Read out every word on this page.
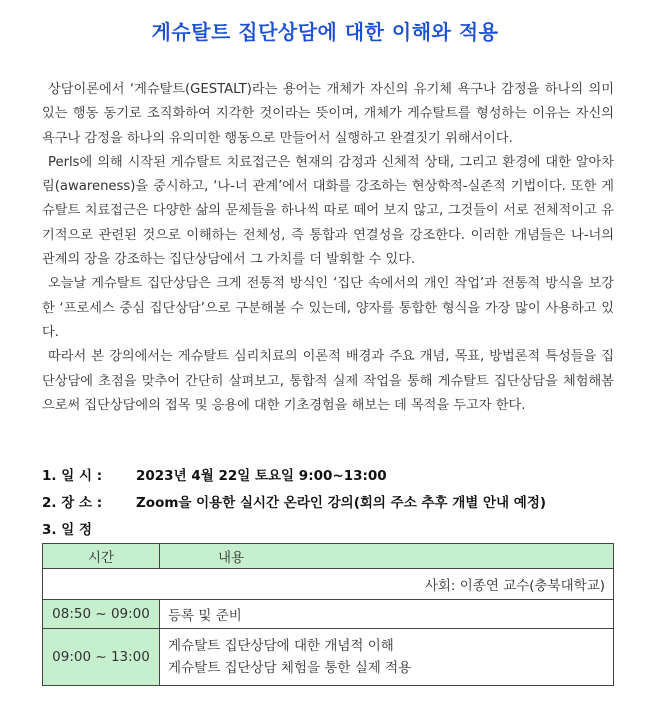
게슈탈트 집단상담에 대한 이해와 적용

상담이론에서 ‘게슈탈트(GESTALT)라는 용어는 개체가 자신의 유기체 욕구나 감정을 하나의 의미 있는 행동 동기로 조직화하여 지각한 것이라는 뜻이며, 개체가 게슈탈트를 형성하는 이유는 자신의 욕구나 감정을 하나의 유의미한 행동으로 만들어서 실행하고 완결짓기 위해서이다.

Perls에 의해 시작된 게슈탈트 치료접근은 현재의 감정과 신체적 상태, 그리고 환경에 대한 알아차림(awareness)을 중시하고, ‘나-너 관계’에서 대화를 강조하는 현상학적-실존적 기법이다. 또한 게슈탈트 치료접근은 다양한 삶의 문제들을 하나씩 따로 떼어 보지 않고, 그것들이 서로 전체적이고 유기적으로 관련된 것으로 이해하는 전체성, 즉 통합과 연결성을 강조한다. 이러한 개념들은 나-너의 관계의 장을 강조하는 집단상담에서 그 가치를 더 발휘할 수 있다.

오늘날 게슈탈트 집단상담은 크게 전통적 방식인 ‘집단 속에서의 개인 작업’과 전통적 방식을 보강한 ‘프로세스 중심 집단상담’으로 구분해볼 수 있는데, 양자를 통합한 형식을 가장 많이 사용하고 있다.

따라서 본 강의에서는 게슈탈트 심리치료의 이론적 배경과 주요 개념, 목표, 방법론적 특성들을 집단상담에 초점을 맞추어 간단히 살펴보고, 통합적 실제 작업을 통해 게슈탈트 집단상담을 체험해봄으로써 집단상담에의 접목 및 응용에 대한 기초경험을 해보는 데 목적을 두고자 한다.

1. 일 시 :	2023년 4월 22일 토요일 9:00~13:00
2. 장 소 :	Zoom을 이용한 실시간 온라인 강의(회의 주소 추후 개별 안내 예정)
3. 일 정
시간	내용
사회: 이종연 교수(충북대학교)	
08:50 ~ 09:00	등록 및 준비
09:00 ~ 13:00	게슈탈트 집단상담에 대한 개념적 이해
게슈탈트 집단상담 체험을 통한 실제 적용
